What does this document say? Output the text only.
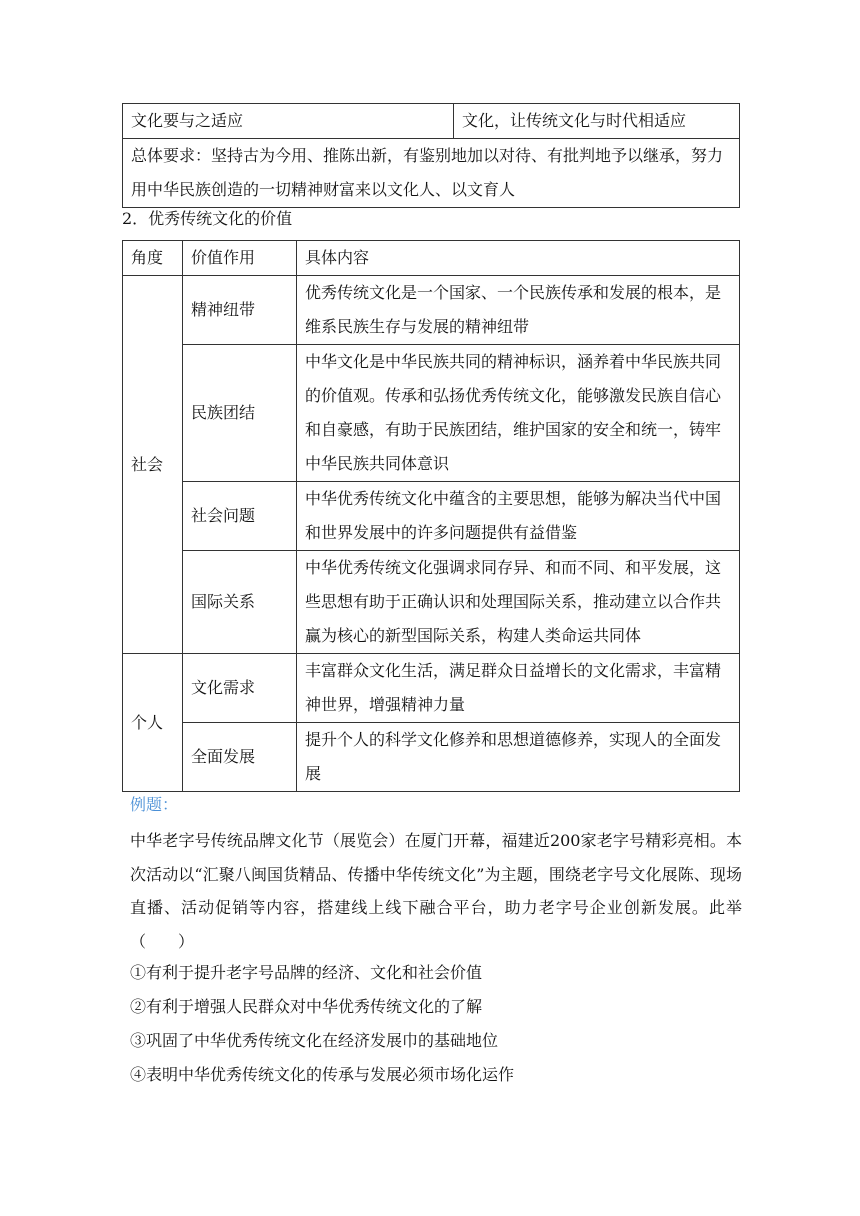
文化要与之适应	文化，让传统文化与时代相适应
总体要求：坚持古为今用、推陈出新，有鉴别地加以对待、有批判地予以继承，努力用中华民族创造的一切精神财富来以文化人、以文育人
2．优秀传统文化的价值
角度	价值作用	具体内容
社会	精神纽带	优秀传统文化是一个国家、一个民族传承和发展的根本，是维系民族生存与发展的精神纽带
	民族团结	中华文化是中华民族共同的精神标识，涵养着中华民族共同的价值观。传承和弘扬优秀传统文化，能够激发民族自信心和自豪感，有助于民族团结，维护国家的安全和统一，铸牢中华民族共同体意识
	社会问题	中华优秀传统文化中蕴含的主要思想，能够为解决当代中国和世界发展中的许多问题提供有益借鉴
	国际关系	中华优秀传统文化强调求同存异、和而不同、和平发展，这些思想有助于正确认识和处理国际关系，推动建立以合作共赢为核心的新型国际关系，构建人类命运共同体
个人	文化需求	丰富群众文化生活，满足群众日益增长的文化需求，丰富精神世界，增强精神力量
	全面发展	提升个人的科学文化修养和思想道德修养，实现人的全面发展
例题：
中华老字号传统品牌文化节（展览会）在厦门开幕，福建近200家老字号精彩亮相。本次活动以“汇聚八闽国货精品、传播中华传统文化”为主题，围绕老字号文化展陈、现场直播、活动促销等内容，搭建线上线下融合平台，助力老字号企业创新发展。此举（　　）
①有利于提升老字号品牌的经济、文化和社会价值
②有利于增强人民群众对中华优秀传统文化的了解
③巩固了中华优秀传统文化在经济发展巾的基础地位
④表明中华优秀传统文化的传承与发展必须市场化运作
